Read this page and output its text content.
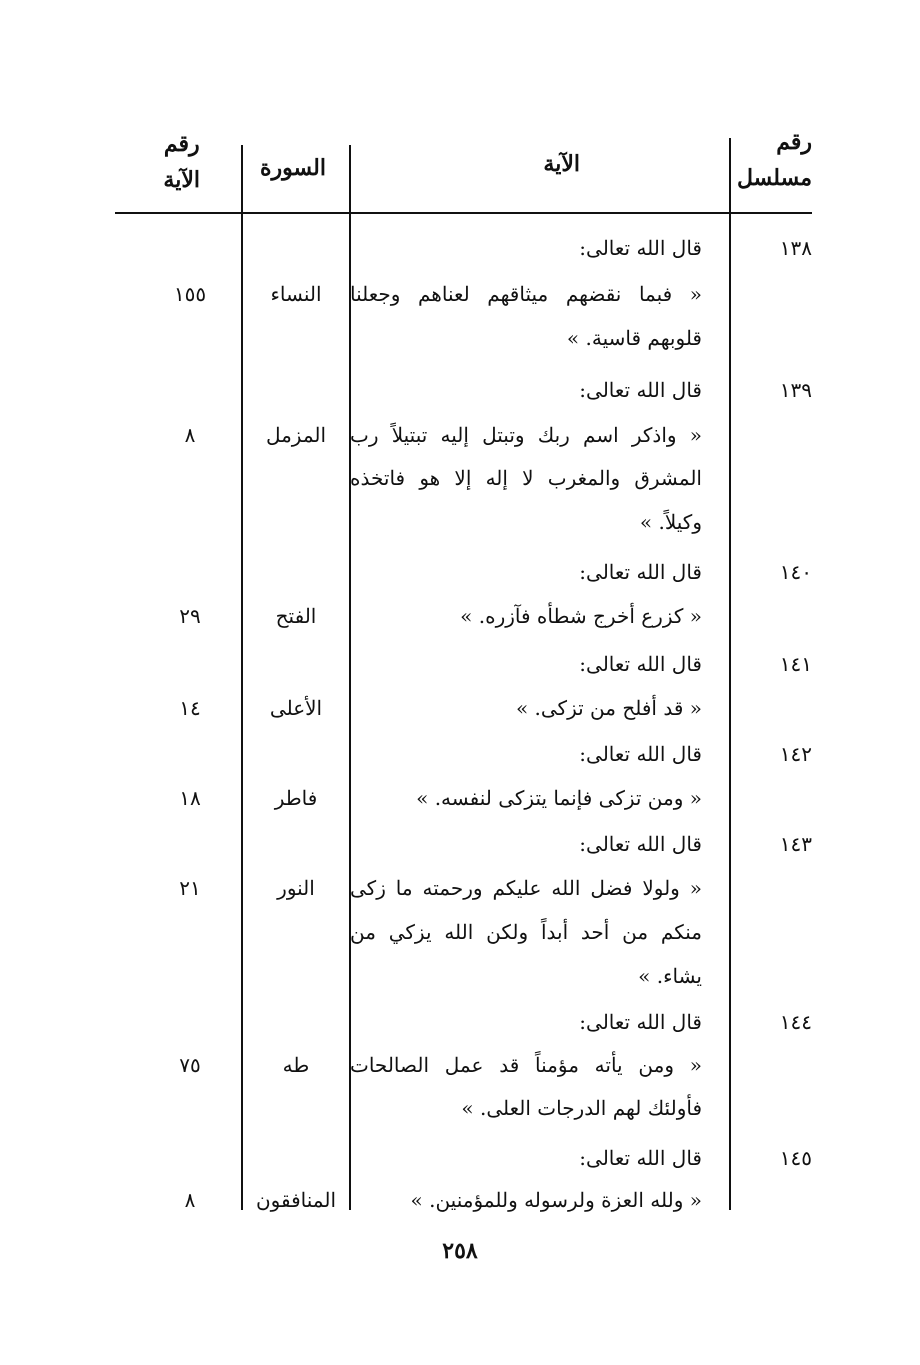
رقم
مسلسل
الآية
السورة
رقم
الآية
١٣٨
قال الله تعالى:
« فبما نقضهم ميثاقهم لعناهم وجعلنا
قلوبهم قاسية. »
النساء
١٥٥
١٣٩
قال الله تعالى:
« واذكر اسم ربك وتبتل إليه تبتيلاً رب
المشرق والمغرب لا إله إلا هو فاتخذه
وكيلاً. »
المزمل
٨
١٤٠
قال الله تعالى:
« كزرع أخرج شطأه فآزره. »
الفتح
٢٩
١٤١
قال الله تعالى:
« قد أفلح من تزكى. »
الأعلى
١٤
١٤٢
قال الله تعالى:
« ومن تزكى فإنما يتزكى لنفسه. »
فاطر
١٨
١٤٣
قال الله تعالى:
« ولولا فضل الله عليكم ورحمته ما زكى
منكم من أحد أبداً ولكن الله يزكي من
يشاء. »
النور
٢١
١٤٤
قال الله تعالى:
« ومن يأته مؤمناً قد عمل الصالحات
فأولئك لهم الدرجات العلى. »
طه
٧٥
١٤٥
قال الله تعالى:
« ولله العزة ولرسوله وللمؤمنين. »
المنافقون
٨
٢٥٨
